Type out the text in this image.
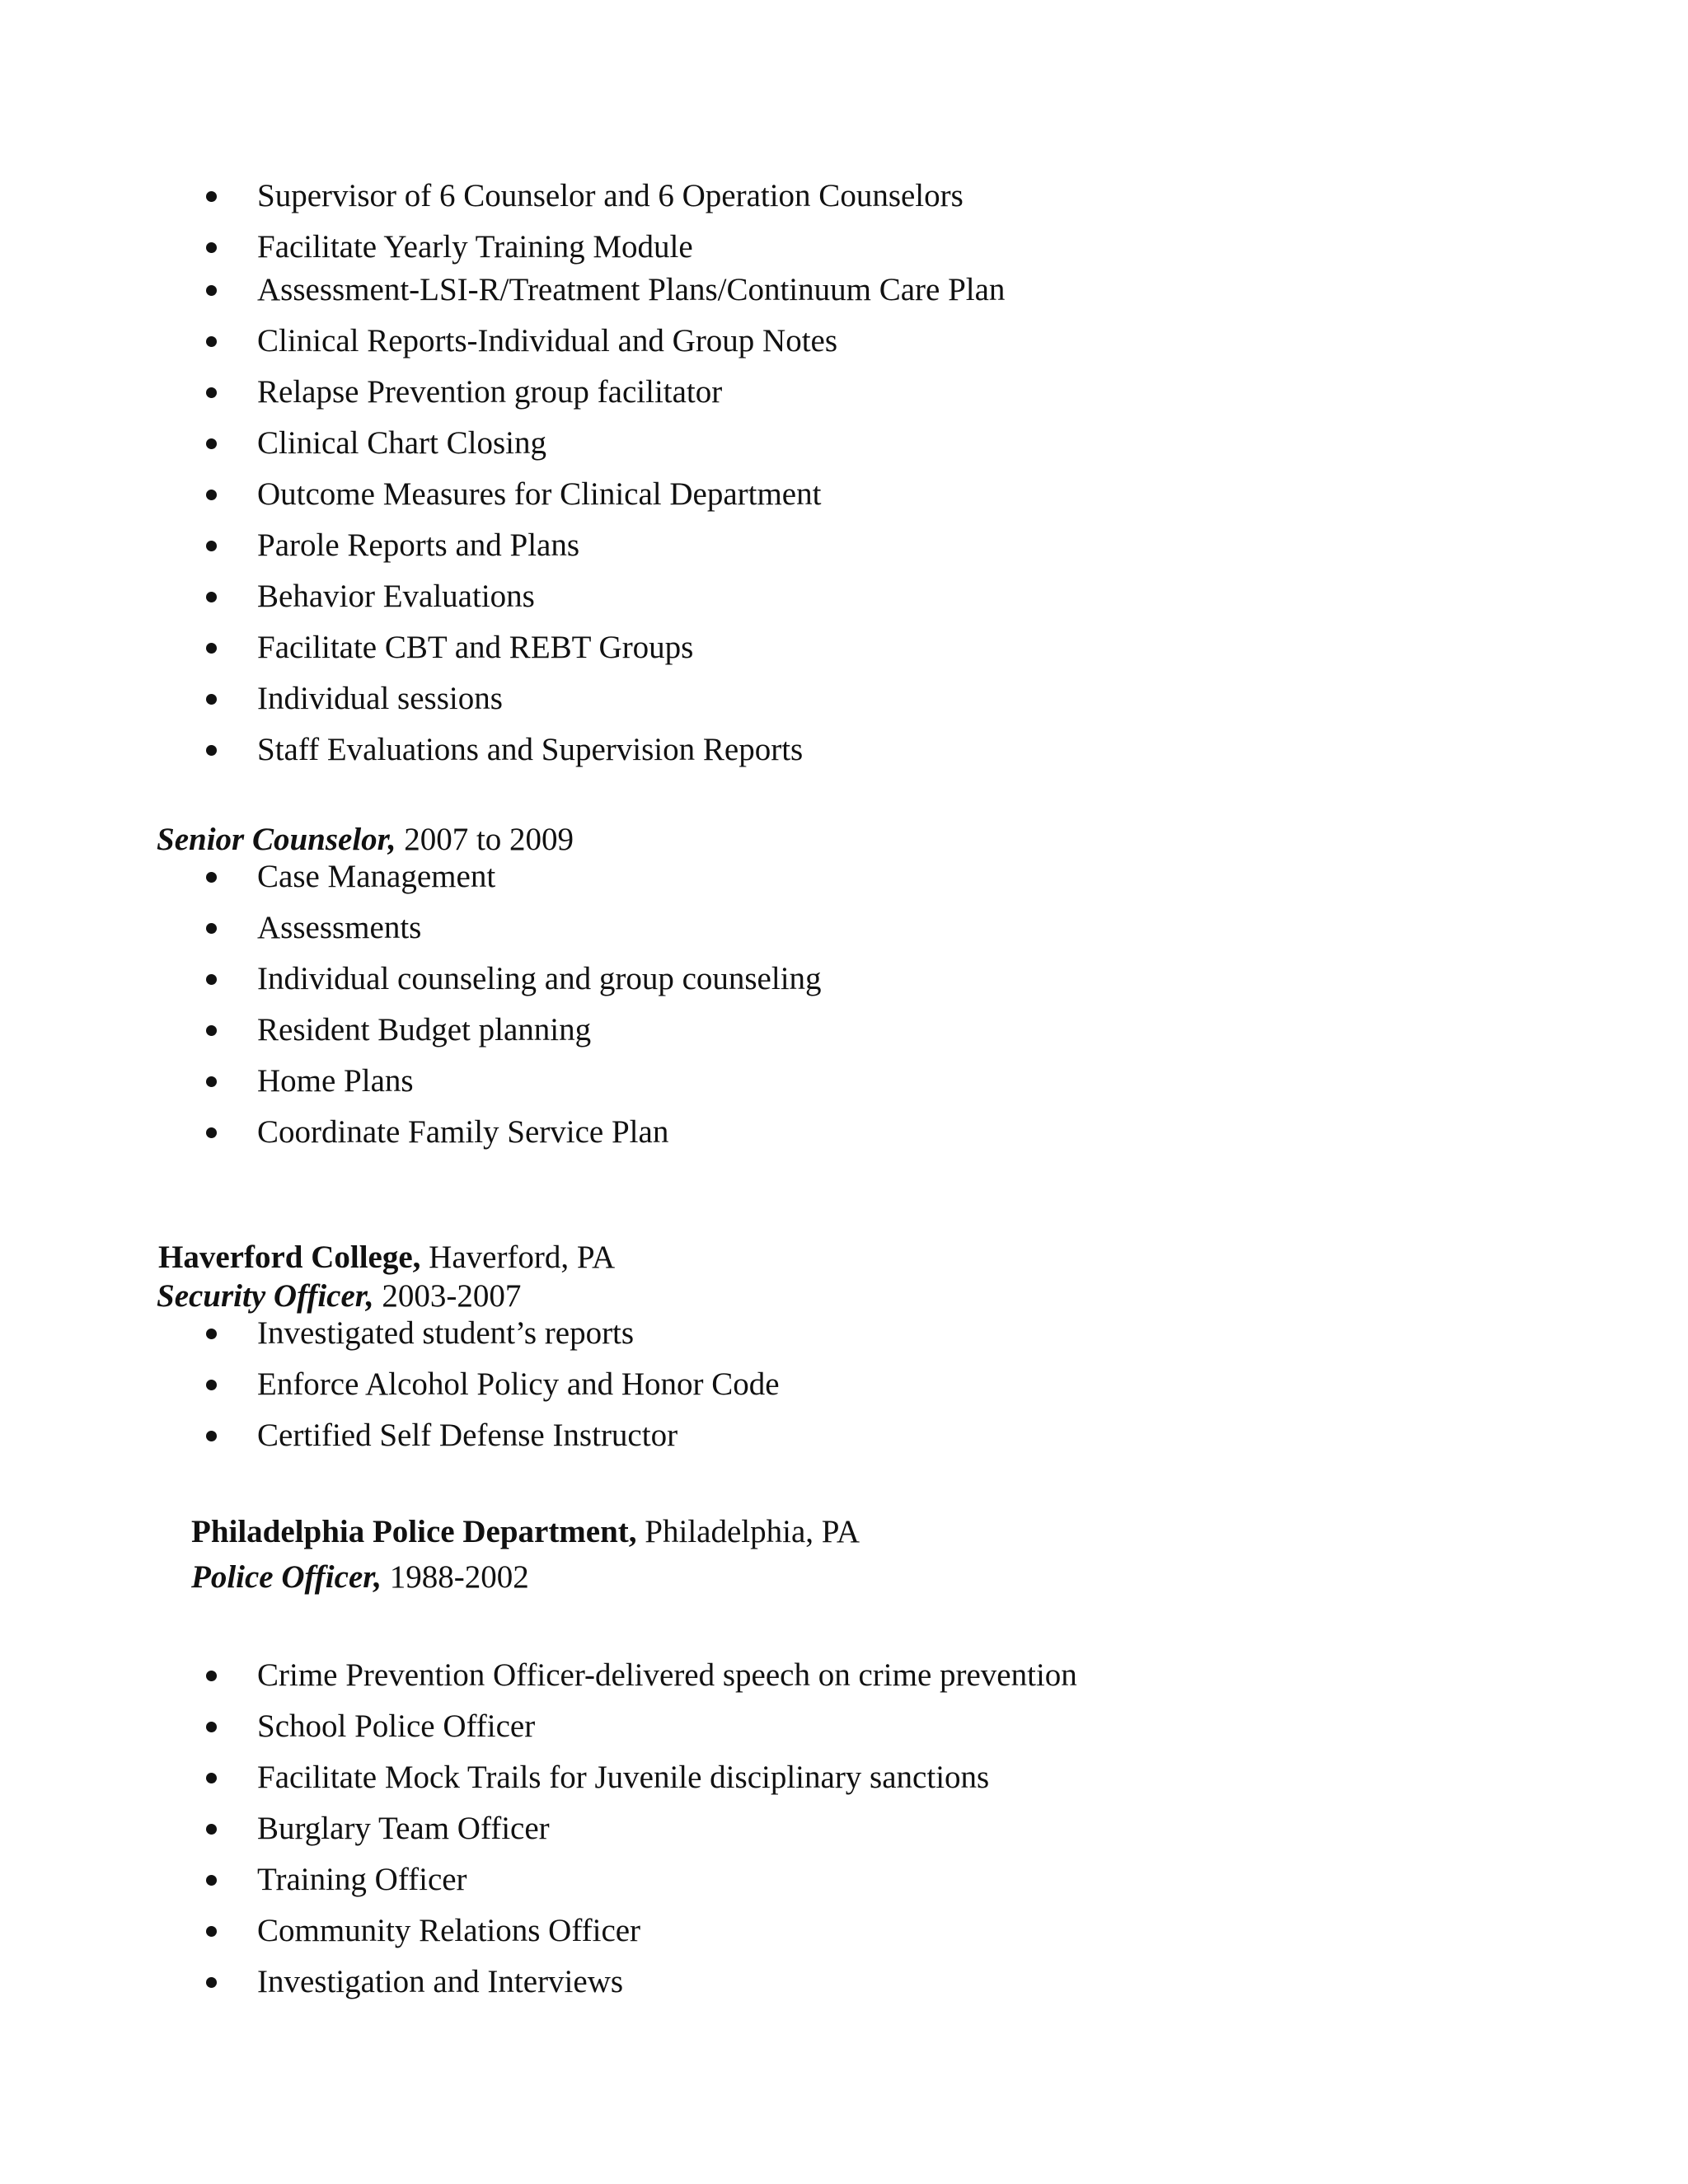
Supervisor of 6 Counselor and 6 Operation Counselors
Facilitate Yearly Training Module
Assessment-LSI-R/Treatment Plans/Continuum Care Plan
Clinical Reports-Individual and Group Notes
Relapse Prevention group facilitator
Clinical Chart Closing
Outcome Measures for Clinical Department
Parole Reports and Plans
Behavior Evaluations
Facilitate CBT and REBT Groups
Individual sessions
Staff Evaluations and Supervision Reports
Senior Counselor, 2007 to 2009
Case Management
Assessments
Individual counseling and group counseling
Resident Budget planning
Home Plans
Coordinate Family Service Plan
Haverford College, Haverford, PA
Security Officer, 2003-2007
Investigated student’s reports
Enforce Alcohol Policy and Honor Code
Certified Self Defense Instructor
Philadelphia Police Department, Philadelphia, PA
Police Officer, 1988-2002
Crime Prevention Officer-delivered speech on crime prevention
School Police Officer
Facilitate Mock Trails for Juvenile disciplinary sanctions
Burglary Team Officer
Training Officer
Community Relations Officer
Investigation and Interviews
